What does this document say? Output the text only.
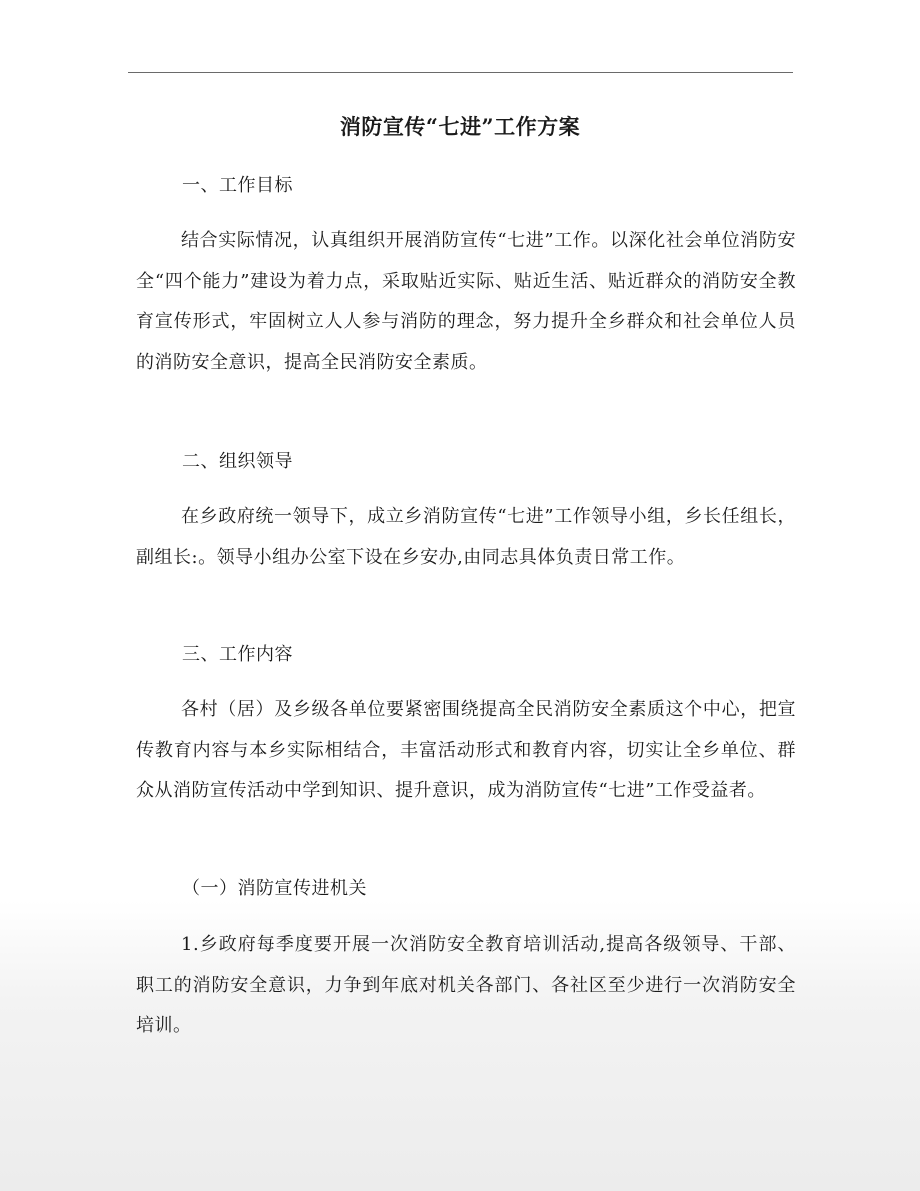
消防宣传“七进”工作方案
一、工作目标
结合实际情况，认真组织开展消防宣传“七进”工作。以深化社会单位消防安全“四个能力”建设为着力点，采取贴近实际、贴近生活、贴近群众的消防安全教育宣传形式，牢固树立人人参与消防的理念，努力提升全乡群众和社会单位人员的消防安全意识，提高全民消防安全素质。
二、组织领导
在乡政府统一领导下，成立乡消防宣传“七进”工作领导小组，乡长任组长，副组长:。领导小组办公室下设在乡安办,由同志具体负责日常工作。
三、工作内容
各村（居）及乡级各单位要紧密围绕提高全民消防安全素质这个中心，把宣传教育内容与本乡实际相结合，丰富活动形式和教育内容，切实让全乡单位、群众从消防宣传活动中学到知识、提升意识，成为消防宣传“七进”工作受益者。
（一）消防宣传进机关
1.乡政府每季度要开展一次消防安全教育培训活动,提高各级领导、干部、职工的消防安全意识，力争到年底对机关各部门、各社区至少进行一次消防安全培训。
